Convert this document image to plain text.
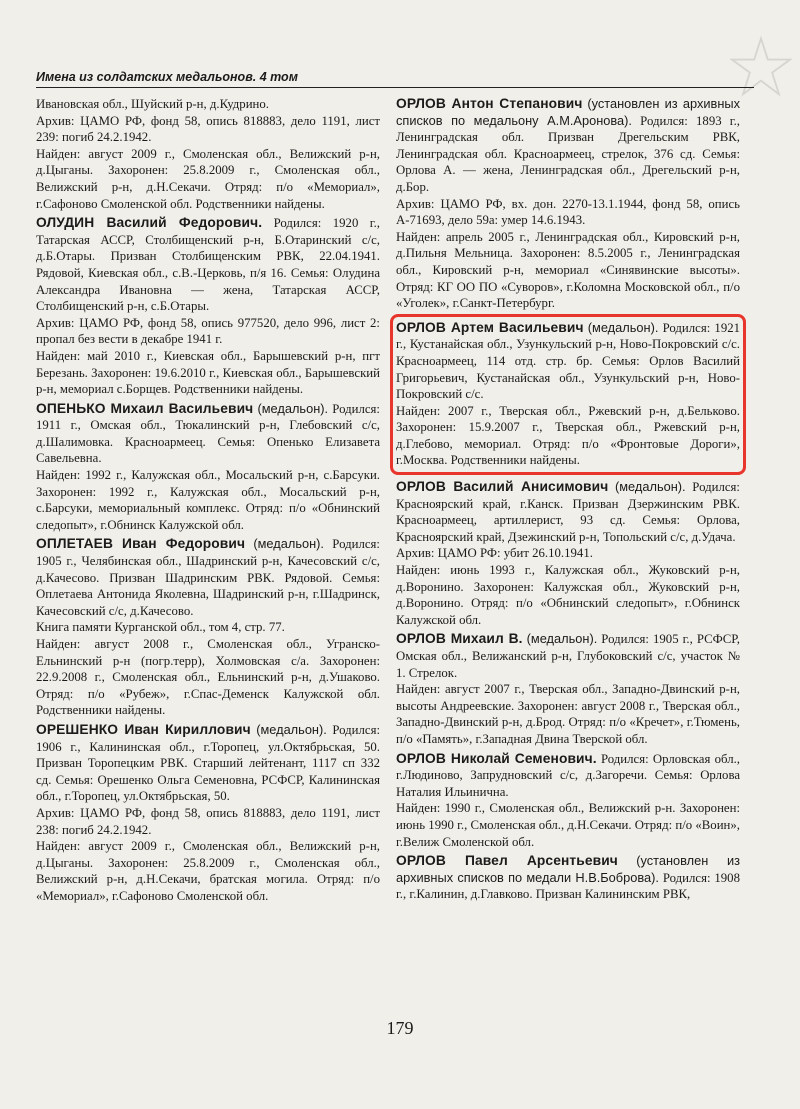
Имена из солдатских медальонов. 4 том

Ивановская обл., Шуйский р-н, д.Кудрино.

Архив: ЦАМО РФ, фонд 58, опись 818883, дело 1191, лист 239: погиб 24.2.1942.

Найден: август 2009 г., Смоленская обл., Велижский р-н, д.Цыганы. Захоронен: 25.8.2009 г., Смоленская обл., Велижский р-н, д.Н.Секачи. Отряд: п/о «Мемориал», г.Сафоново Смоленской обл. Родственники найдены.

ОЛУДИН Василий Федорович. Родился: 1920 г., Татарская АССР, Столбищенский р-н, Б.Отаринский с/с, д.Б.Отары. Призван Столбищенским РВК, 22.04.1941. Рядовой, Киевская обл., с.В.-Церковь, п/я 16. Семья: Олудина Александра Ивановна — жена, Татарская АССР, Столбищенский р-н, с.Б.Отары.

Архив: ЦАМО РФ, фонд 58, опись 977520, дело 996, лист 2: пропал без вести в декабре 1941 г.

Найден: май 2010 г., Киевская обл., Барышевский р-н, пгт Березань. Захоронен: 19.6.2010 г., Киевская обл., Барышевский р-н, мемориал с.Борщев. Родственники найдены.

ОПЕНЬКО Михаил Васильевич (медальон). Родился: 1911 г., Омская обл., Тюкалинский р-н, Глебовский с/с, д.Шалимовка. Красноармеец. Семья: Опенько Елизавета Савельевна.

Найден: 1992 г., Калужская обл., Мосальский р-н, с.Барсуки. Захоронен: 1992 г., Калужская обл., Мосальский р-н, с.Барсуки, мемориальный комплекс. Отряд: п/о «Обнинский следопыт», г.Обнинск Калужской обл.

ОПЛЕТАЕВ Иван Федорович (медальон). Родился: 1905 г., Челябинская обл., Шадринский р-н, Качесовский с/с, д.Качесово. Призван Шадринским РВК. Рядовой. Семья: Оплетаева Антонида Яколевна, Шадринский р-н, г.Шадринск, Качесовский с/с, д.Качесово.

Книга памяти Курганской обл., том 4, стр. 77.

Найден: август 2008 г., Смоленская обл., Угранско-Ельнинский р-н (погр.терр), Холмовская с/а. Захоронен: 22.9.2008 г., Смоленская обл., Ельнинский р-н, д.Ушаково. Отряд: п/о «Рубеж», г.Спас-Деменск Калужской обл. Родственники найдены.

ОРЕШЕНКО Иван Кириллович (медальон). Родился: 1906 г., Калининская обл., г.Торопец, ул.Октябрьская, 50. Призван Торопецким РВК. Старший лейтенант, 1117 сп 332 сд. Семья: Орешенко Ольга Семеновна, РСФСР, Калининская обл., г.Торопец, ул.Октябрьская, 50.

Архив: ЦАМО РФ, фонд 58, опись 818883, дело 1191, лист 238: погиб 24.2.1942.

Найден: август 2009 г., Смоленская обл., Велижский р-н, д.Цыганы. Захоронен: 25.8.2009 г., Смоленская обл., Велижский р-н, д.Н.Секачи, братская могила. Отряд: п/о «Мемориал», г.Сафоново Смоленской обл.

ОРЛОВ Антон Степанович (установлен из архивных списков по медальону А.М.Аронова). Родился: 1893 г., Ленинградская обл. Призван Дрегельским РВК, Ленинградская обл. Красноармеец, стрелок, 376 сд. Семья: Орлова А. — жена, Ленинградская обл., Дрегельский р-н, д.Бор.

Архив: ЦАМО РФ, вх. дон. 2270-13.1.1944, фонд 58, опись А-71693, дело 59а: умер 14.6.1943.

Найден: апрель 2005 г., Ленинградская обл., Кировский р-н, д.Пильня Мельница. Захоронен: 8.5.2005 г., Ленинградская обл., Кировский р-н, мемориал «Синявинские высоты». Отряд: КГ ОО ПО «Суворов», г.Коломна Московской обл., п/о «Уголек», г.Санкт-Петербург.

ОРЛОВ Артем Васильевич (медальон). Родился: 1921 г., Кустанайская обл., Узункульский р-н, Ново-Покровский с/с. Красноармеец, 114 отд. стр. бр. Семья: Орлов Василий Григорьевич, Кустанайская обл., Узункульский р-н, Ново-Покровский с/с.

Найден: 2007 г., Тверская обл., Ржевский р-н, д.Бельково. Захоронен: 15.9.2007 г., Тверская обл., Ржевский р-н, д.Глебово, мемориал. Отряд: п/о «Фронтовые Дороги», г.Москва. Родственники найдены.

ОРЛОВ Василий Анисимович (медальон). Родился: Красноярский край, г.Канск. Призван Дзержинским РВК. Красноармеец, артиллерист, 93 сд. Семья: Орлова, Красноярский край, Дзежинский р-н, Топольский с/с, д.Удача.

Архив: ЦАМО РФ: убит 26.10.1941.

Найден: июнь 1993 г., Калужская обл., Жуковский р-н, д.Воронино. Захоронен: Калужская обл., Жуковский р-н, д.Воронино. Отряд: п/о «Обнинский следопыт», г.Обнинск Калужской обл.

ОРЛОВ Михаил В. (медальон). Родился: 1905 г., РСФСР, Омская обл., Велижанский р-н, Глубоковский с/с, участок № 1. Стрелок.

Найден: август 2007 г., Тверская обл., Западно-Двинский р-н, высоты Андреевские. Захоронен: август 2008 г., Тверская обл., Западно-Двинский р-н, д.Брод. Отряд: п/о «Кречет», г.Тюмень, п/о «Память», г.Западная Двина Тверской обл.

ОРЛОВ Николай Семенович. Родился: Орловская обл., г.Людиново, Запрудновский с/с, д.Загоречи. Семья: Орлова Наталия Ильинична.

Найден: 1990 г., Смоленская обл., Велижский р-н. Захоронен: июнь 1990 г., Смоленская обл., д.Н.Секачи. Отряд: п/о «Воин», г.Велиж Смоленской обл.

ОРЛОВ Павел Арсентьевич (установлен из архивных списков по медали Н.В.Боброва). Родился: 1908 г., г.Калинин, д.Главково. Призван Калининским РВК,

179
